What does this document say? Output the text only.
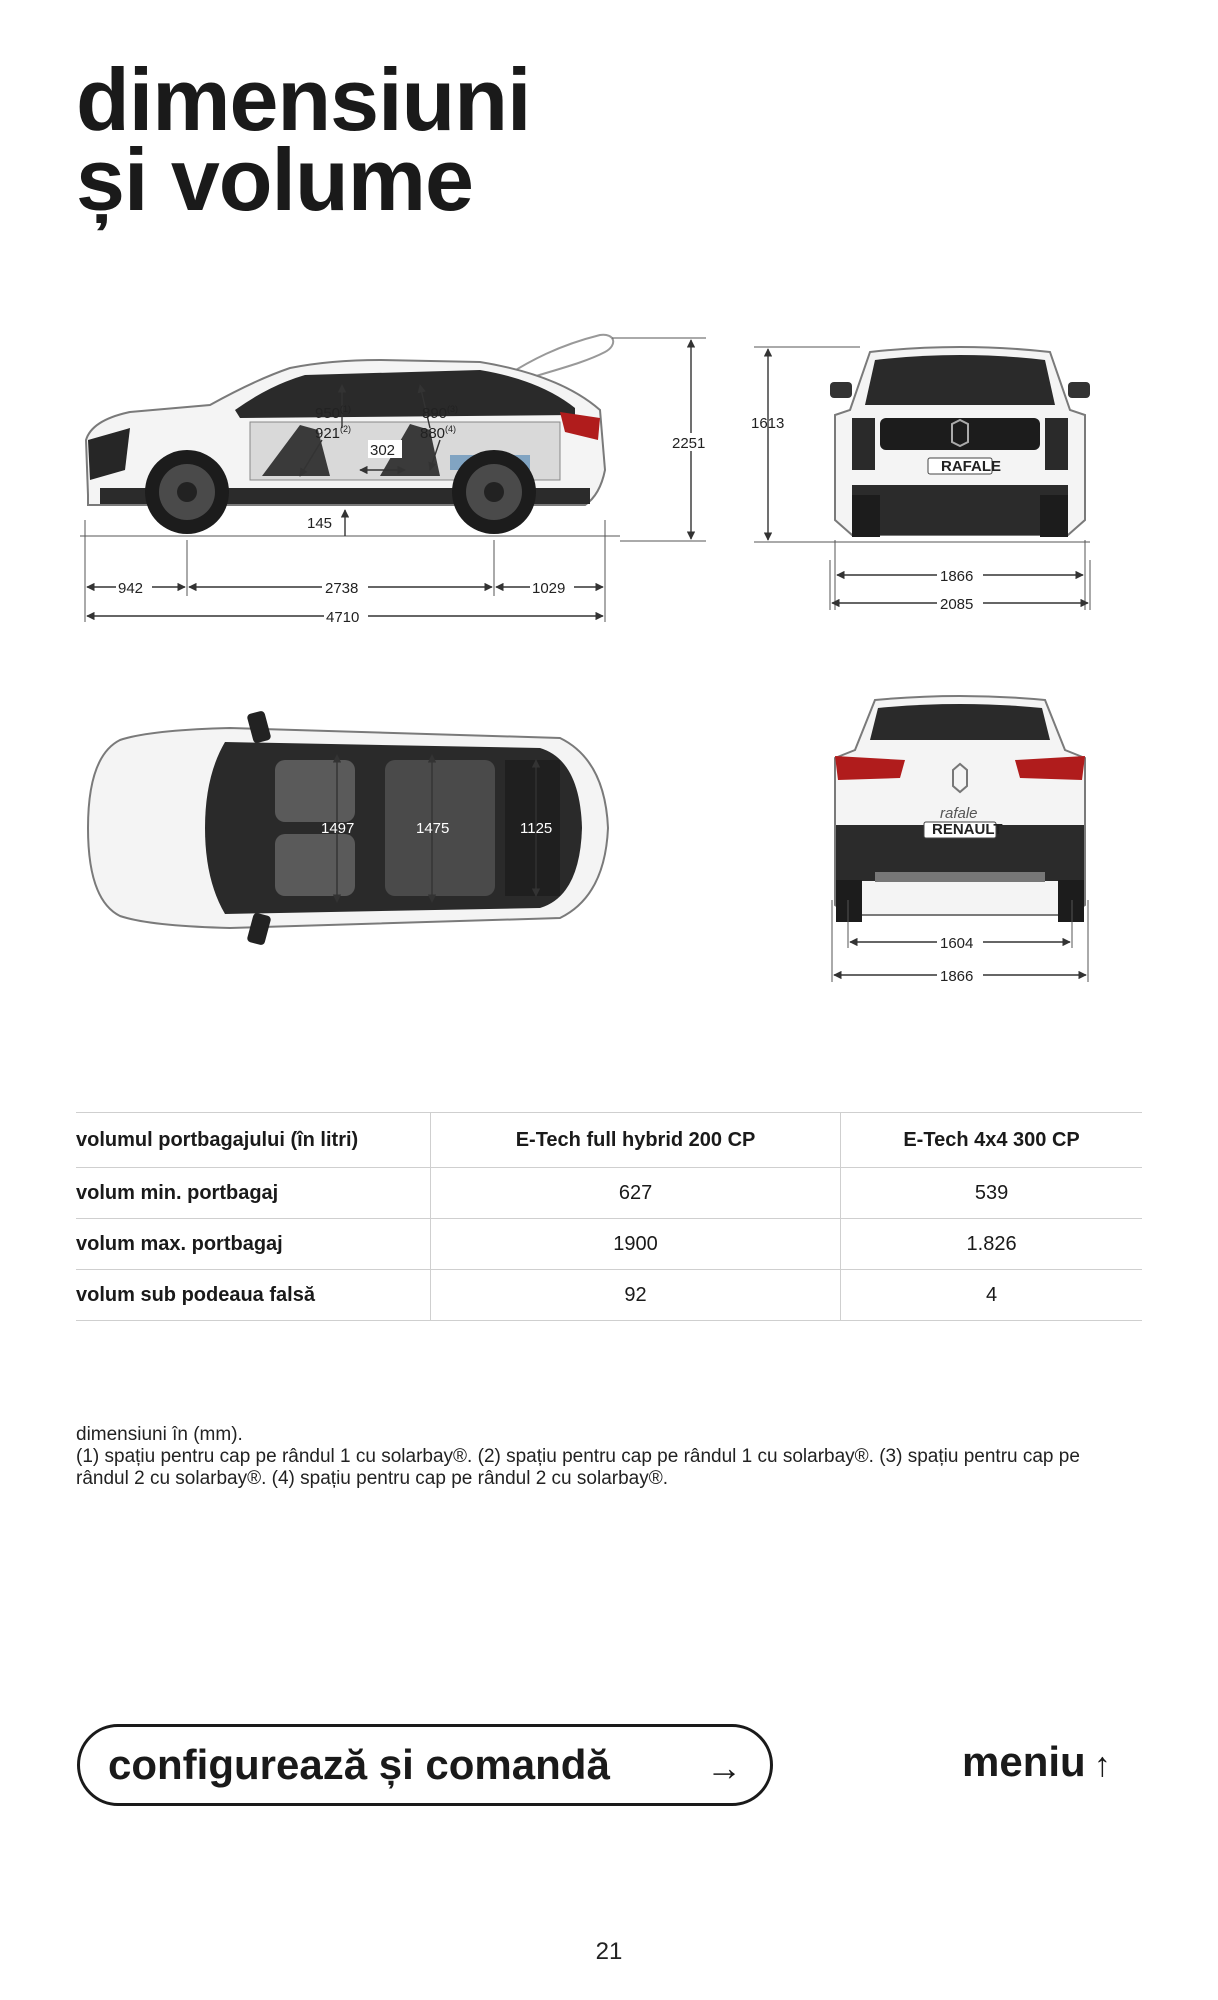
dimensiuni
și volume
950$^{(1)}$
921$^{(2)}$
890$^{(3)}$
880$^{(4)}$
302
145
2251
942	2738	1029
4710
RAFALE
1613
1866
2085
1497	1475	1125
rafale
RENAULT
1604
1866
volumul portbagajului (în litri)	E-Tech full hybrid 200 CP	E-Tech 4x4 300 CP
volum min. portbagaj	627	539
volum max. portbagaj	1900	1.826
volum sub podeaua falsă	92	4

dimensiuni în (mm).

(1) spațiu pentru cap pe rândul 1 cu solarbay®. (2) spațiu pentru cap pe rândul 1 cu solarbay®. (3) spațiu pentru cap pe rândul 2 cu solarbay®. (4) spațiu pentru cap pe rândul 2 cu solarbay®.

configurează și comandă	→	meniu ↑
21
